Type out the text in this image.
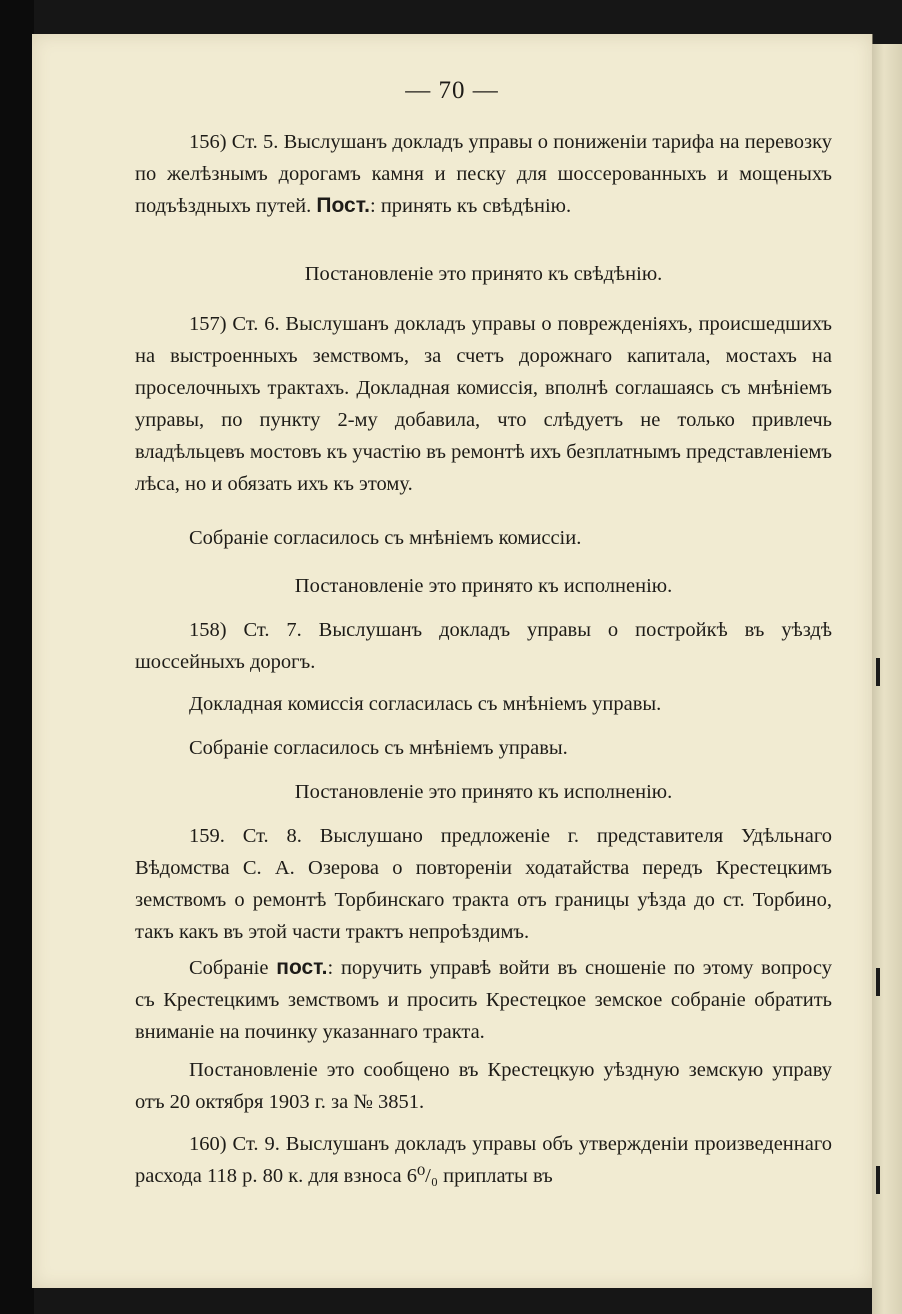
— 70 —
156) Ст. 5. Выслушанъ докладъ управы о пониженіи тарифа на перевозку по желѣзнымъ дорогамъ камня и песку для шоссерованныхъ и мощеныхъ подъѣздныхъ путей. Пост.: принять къ свѣдѣнію.
Постановленіе это принято къ свѣдѣнію.
157) Ст. 6. Выслушанъ докладъ управы о поврежденіяхъ, происшедшихъ на выстроенныхъ земствомъ, за счетъ дорожнаго капитала, мостахъ на проселочныхъ трактахъ. Докладная комиссія, вполнѣ соглашаясь съ мнѣніемъ управы, по пункту 2-му добавила, что слѣдуетъ не только привлечь владѣльцевъ мостовъ къ участію въ ремонтѣ ихъ безплатнымъ представленіемъ лѣса, но и обязать ихъ къ этому.
Собраніе согласилось съ мнѣніемъ комиссіи.
Постановленіе это принято къ исполненію.
158) Ст. 7. Выслушанъ докладъ управы о постройкѣ въ уѣздѣ шоссейныхъ дорогъ.
Докладная комиссія согласилась съ мнѣніемъ управы.
Собраніе согласилось съ мнѣніемъ управы.
Постановленіе это принято къ исполненію.
159. Ст. 8. Выслушано предложеніе г. представителя Удѣльнаго Вѣдомства С. А. Озерова о повтореніи ходатайства передъ Крестецкимъ земствомъ о ремонтѣ Торбинскаго тракта отъ границы уѣзда до ст. Торбино, такъ какъ въ этой части трактъ непроѣздимъ.
Собраніе пост.: поручить управѣ войти въ сношеніе по этому вопросу съ Крестецкимъ земствомъ и просить Крестецкое земское собраніе обратить вниманіе на починку указаннаго тракта.
Постановленіе это сообщено въ Крестецкую уѣздную земскую управу отъ 20 октября 1903 г. за № 3851.
160) Ст. 9. Выслушанъ докладъ управы объ утвержденіи произведеннаго расхода 118 р. 80 к. для взноса 6⁰/₀ приплаты въ
